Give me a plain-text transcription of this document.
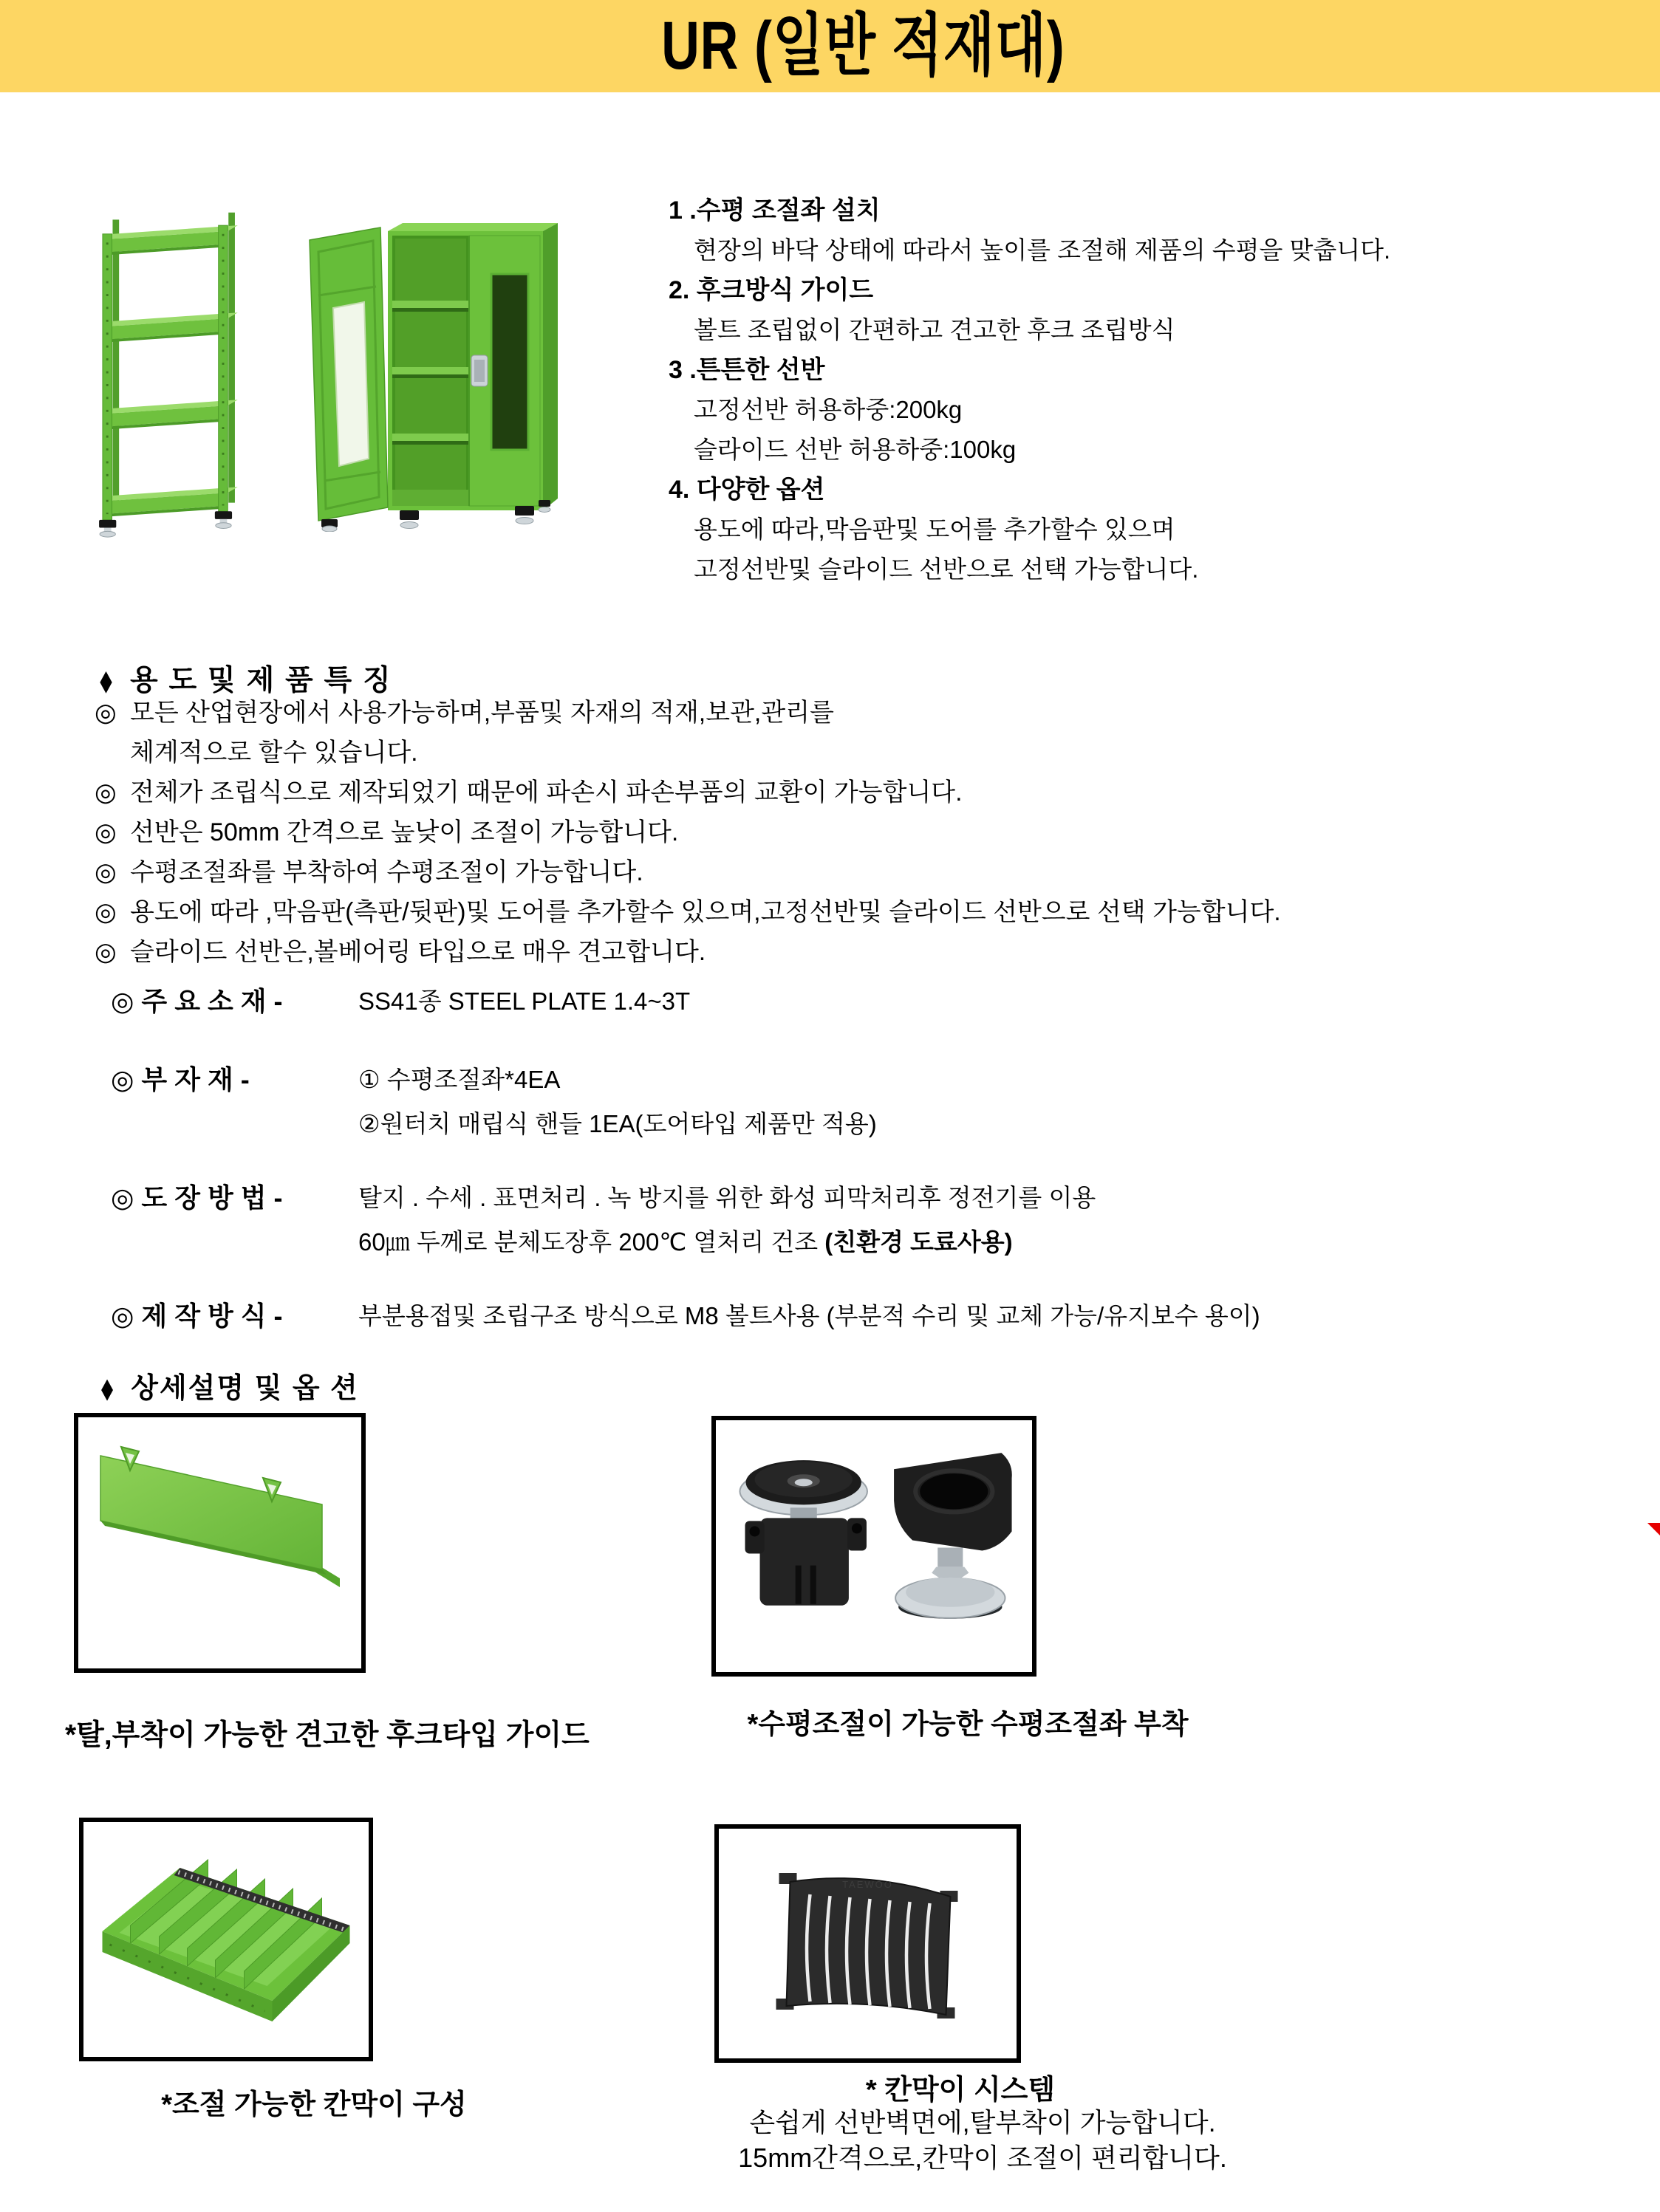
UR (일반 적재대)
1 .수평 조절좌 설치
현장의 바닥 상태에 따라서 높이를 조절해 제품의 수평을 맞춥니다.
2. 후크방식 가이드
볼트 조립없이 간편하고 견고한 후크 조립방식
3 .튼튼한 선반
고정선반 허용하중:200kg
슬라이드 선반 허용하중:100kg
4. 다양한 옵션
용도에 따라,막음판및 도어를 추가할수 있으며
고정선반및 슬라이드 선반으로 선택 가능합니다.
◆ 용 도 및 제 품 특 징
◎ 모든 산업현장에서 사용가능하며,부품및 자재의 적재,보관,관리를
체계적으로 할수 있습니다.
◎ 전체가 조립식으로 제작되었기 때문에 파손시 파손부품의 교환이 가능합니다.
◎ 선반은 50mm 간격으로 높낮이 조절이 가능합니다.
◎ 수평조절좌를 부착하여 수평조절이 가능합니다.
◎ 용도에 따라 ,막음판(측판/뒷판)및 도어를 추가할수 있으며,고정선반및 슬라이드 선반으로 선택 가능합니다.
◎ 슬라이드 선반은,볼베어링 타입으로 매우 견고합니다.
◎ 주 요 소 재 -	SS41종 STEEL PLATE 1.4~3T
◎ 부 자 재 -	① 수평조절좌*4EA
②원터치 매립식 핸들 1EA(도어타입 제품만 적용)
◎ 도 장 방 법 -	탈지 . 수세 . 표면처리 . 녹 방지를 위한 화성 피막처리후 정전기를 이용
60㎛ 두께로 분체도장후 200℃ 열처리 건조 (친환경 도료사용)
◎ 제 작 방 식 -	부분용접및 조립구조 방식으로 M8 볼트사용 (부분적 수리 및 교체 가능/유지보수 용이)
◆ 상세설명 및 옵 션
TAEWOO
*탈,부착이 가능한 견고한 후크타입 가이드	*수평조절이 가능한 수평조절좌 부착
*조절 가능한 칸막이 구성	* 칸막이 시스템
손쉽게 선반벽면에,탈부착이 가능합니다.
15mm간격으로,칸막이 조절이 편리합니다.
